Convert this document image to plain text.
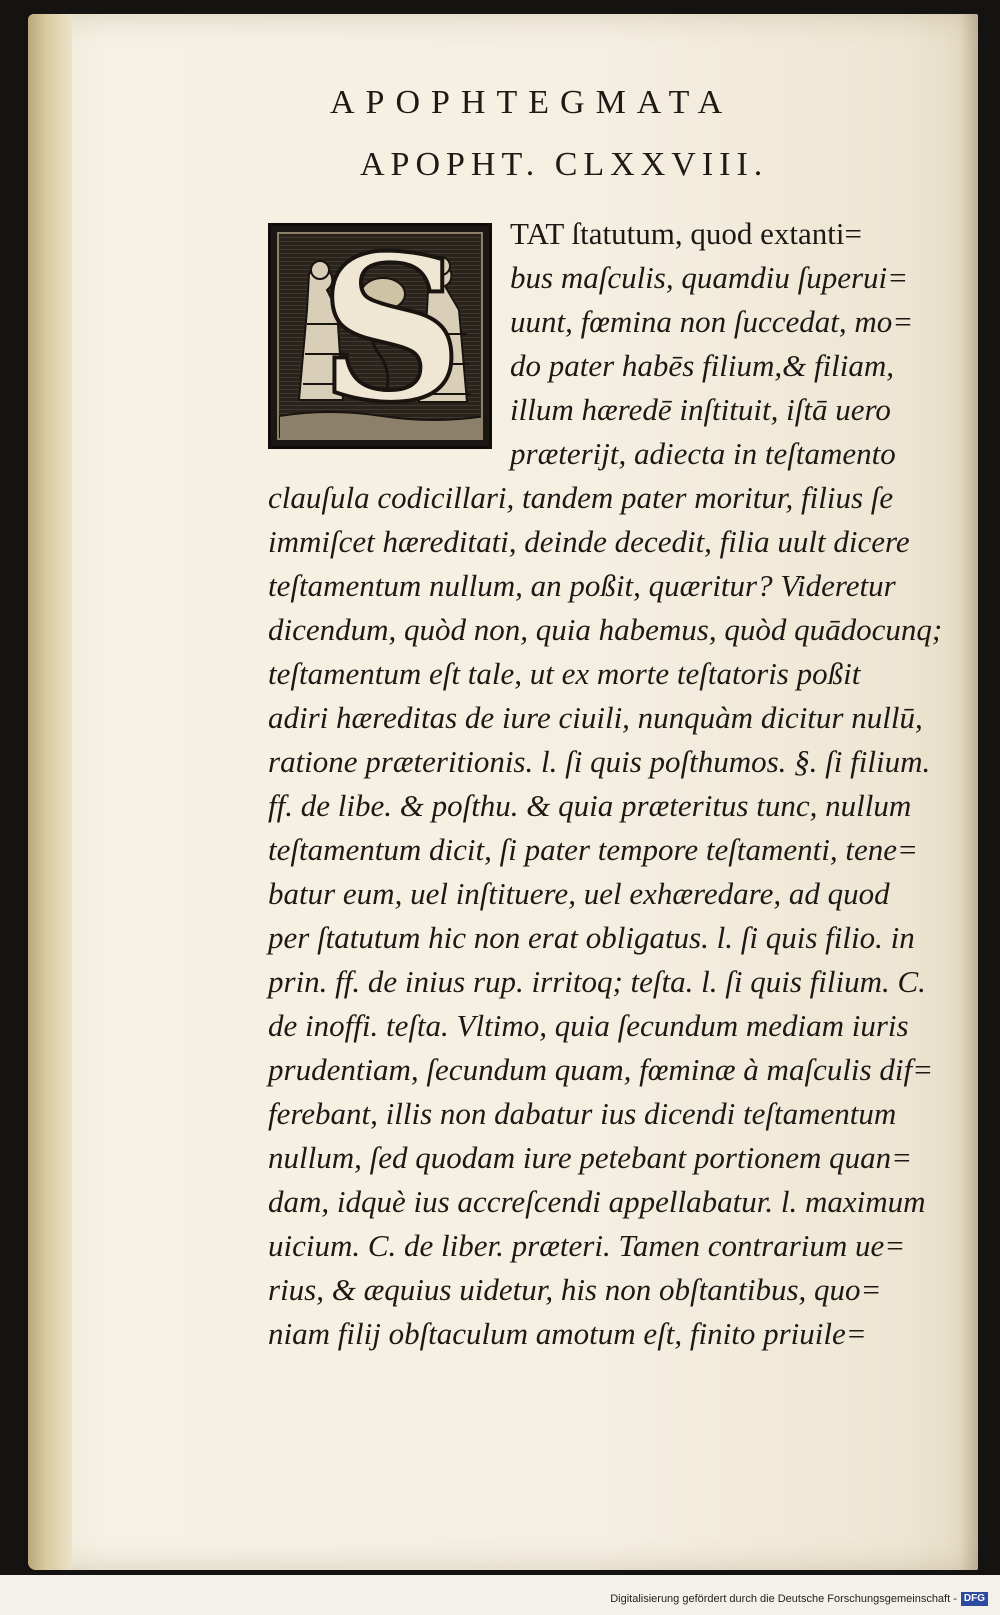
APOPHTEGMATA
APOPHT. CLXXVIII.
S TAT ſtatutum, quod extanti=
bus maſculis, quamdiu ſuperui=
uunt, fœmina non ſuccedat, mo=
do pater habēs filium,& filiam,
illum hæredē inſtituit, iſtā uero
præterijt, adiecta in teſtamento
clauſula codicillari, tandem pater moritur, filius ſe
immiſcet hæreditati, deinde decedit, filia uult dicere
teſtamentum nullum, an poßit, quæritur? Videretur
dicendum, quòd non, quia habemus, quòd quādocunq;
teſtamentum eſt tale, ut ex morte teſtatoris poßit
adiri hæreditas de iure ciuili, nunquàm dicitur nullū,
ratione præteritionis. l. ſi quis poſthumos. §. ſi filium.
ff. de libe. & poſthu. & quia præteritus tunc, nullum
teſtamentum dicit, ſi pater tempore teſtamenti, tene=
batur eum, uel inſtituere, uel exhæredare, ad quod
per ſtatutum hic non erat obligatus. l. ſi quis filio. in
prin. ff. de inius rup. irritoq; teſta. l. ſi quis filium. C.
de inoffi. teſta. Vltimo, quia ſecundum mediam iuris
prudentiam, ſecundum quam, fœminæ à maſculis dif=
ferebant, illis non dabatur ius dicendi teſtamentum
nullum, ſed quodam iure petebant portionem quan=
dam, idquè ius accreſcendi appellabatur. l. maximum
uicium. C. de liber. præteri. Tamen contrarium ue=
rius, & æquius uidetur, his non obſtantibus, quo=
niam filij obſtaculum amotum eſt, finito priuile=
Digitalisierung gefördert durch die Deutsche Forschungsgemeinschaft - DFG
